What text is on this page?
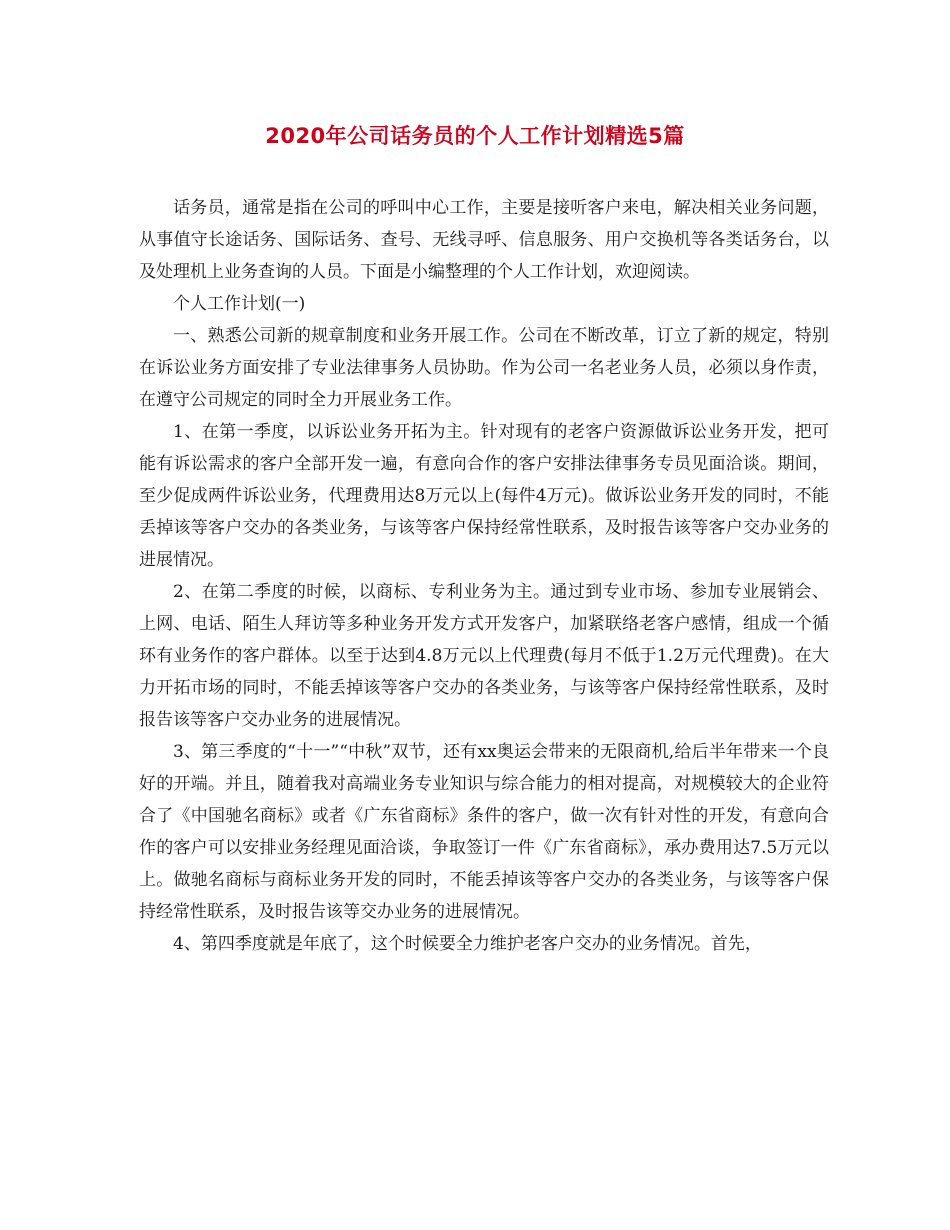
2020年公司话务员的个人工作计划精选5篇

话务员，通常是指在公司的呼叫中心工作，主要是接听客户来电，解决相关业务问题，从事值守长途话务、国际话务、查号、无线寻呼、信息服务、用户交换机等各类话务台，以及处理机上业务查询的人员。下面是小编整理的个人工作计划，欢迎阅读。

个人工作计划(一)

一、熟悉公司新的规章制度和业务开展工作。公司在不断改革，订立了新的规定，特别在诉讼业务方面安排了专业法律事务人员协助。作为公司一名老业务人员，必须以身作责，在遵守公司规定的同时全力开展业务工作。

1、在第一季度，以诉讼业务开拓为主。针对现有的老客户资源做诉讼业务开发，把可能有诉讼需求的客户全部开发一遍，有意向合作的客户安排法律事务专员见面洽谈。期间，至少促成两件诉讼业务，代理费用达8万元以上(每件4万元)。做诉讼业务开发的同时，不能丢掉该等客户交办的各类业务，与该等客户保持经常性联系，及时报告该等客户交办业务的进展情况。

2、在第二季度的时候，以商标、专利业务为主。通过到专业市场、参加专业展销会、上网、电话、陌生人拜访等多种业务开发方式开发客户，加紧联络老客户感情，组成一个循环有业务作的客户群体。以至于达到4.8万元以上代理费(每月不低于1.2万元代理费)。在大力开拓市场的同时，不能丢掉该等客户交办的各类业务，与该等客户保持经常性联系，及时报告该等客户交办业务的进展情况。

3、第三季度的“十一”“中秋”双节，还有xx奥运会带来的无限商机,给后半年带来一个良好的开端。并且，随着我对高端业务专业知识与综合能力的相对提高，对规模较大的企业符合了《中国驰名商标》或者《广东省商标》条件的客户，做一次有针对性的开发，有意向合作的客户可以安排业务经理见面洽谈，争取签订一件《广东省商标》，承办费用达7.5万元以上。做驰名商标与商标业务开发的同时，不能丢掉该等客户交办的各类业务，与该等客户保持经常性联系，及时报告该等交办业务的进展情况。

4、第四季度就是年底了，这个时候要全力维护老客户交办的业务情况。首先，
